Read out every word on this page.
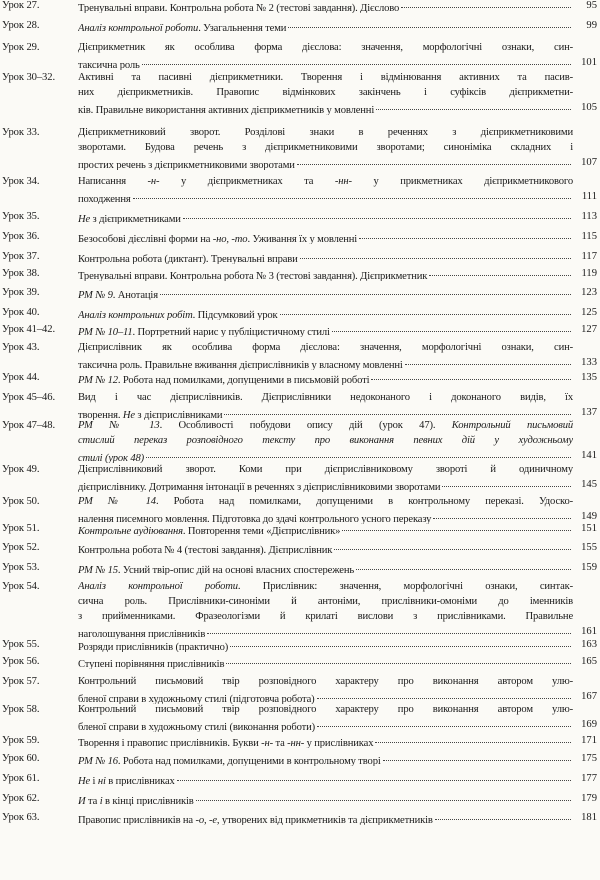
Урок 27.	Тренувальні вправи. Контрольна робота № 2 (тестові завдання). Дієслово	95
Урок 28.	Аналіз контрольної роботи. Узагальнення теми	99
Урок 29.	Дієприкметник як особлива форма дієслова: значення, морфологічні ознаки, син-
таксична роль	101
Урок 30–32. Активні та пасивні дієприкметники. Творення і відмінювання активних та пасив-
них дієприкметників. Правопис відмінкових закінчень і суфіксів дієприкметни-
ків. Правильне використання активних дієприкметників у мовленні	105
Урок 33.	Дієприкметниковий зворот. Розділові знаки в реченнях з дієприкметниковими
зворотами. Будова речень з дієприкметниковими зворотами; синоніміка складних і
простих речень з дієприкметниковими зворотами	107
Урок 34.	Написання -н- у дієприкметниках та -нн- у прикметниках дієприкметникового
походження	111
Урок 35.	Не з дієприкметниками	113
Урок 36.	Безособові дієслівні форми на -но, -то. Уживання їх у мовленні	115
Урок 37.	Контрольна робота (диктант). Тренувальні вправи	117
Урок 38.	Тренувальні вправи. Контрольна робота № 3 (тестові завдання). Дієприкметник	119
Урок 39.	РМ № 9. Анотація	123
Урок 40.	Аналіз контрольних робіт. Підсумковий урок	125
Урок 41–42. РМ № 10–11. Портретний нарис у публіцистичному стилі	127
Урок 43.	Дієприслівник як особлива форма дієслова: значення, морфологічні ознаки, син-
таксична роль. Правильне вживання дієприслівників у власному мовленні	133
Урок 44.	РМ № 12. Робота над помилками, допущеними в письмовій роботі	135
Урок 45–46. Вид і час дієприслівників. Дієприслівники недоконаного і доконаного видів, їх
творення. Не з дієприслівниками	137
Урок 47–48. РМ № 13. Особливості побудови опису дій (урок 47). Контрольний письмовий
стислий переказ розповідного тексту про виконання певних дій у художньому
стилі (урок 48)	141
Урок 49.	Дієприслівниковий зворот. Коми при дієприслівниковому звороті й одиничному
дієприслівнику. Дотримання інтонації в реченнях з дієприслівниковими зворотами	145
Урок 50.	РМ № 14. Робота над помилками, допущеними в контрольному переказі. Удоско-
налення писемного мовлення. Підготовка до здачі контрольного усного переказу	149
Урок 51.	Контрольне аудіювання. Повторення теми «Дієприслівник»	151
Урок 52.	Контрольна робота № 4 (тестові завдання). Дієприслівник	155
Урок 53.	РМ № 15. Усний твір-опис дій на основі власних спостережень	159
Урок 54.	Аналіз контрольної роботи. Прислівник: значення, морфологічні ознаки, синтак-
сична роль. Прислівники-синоніми й антоніми, прислівники-омоніми до іменників
з прийменниками. Фразеологізми й крилаті вислови з прислівниками. Правильне
наголошування прислівників	161
Урок 55.	Розряди прислівників (практично)	163
Урок 56.	Ступені порівняння прислівників	165
Урок 57.	Контрольний письмовий твір розповідного характеру про виконання автором улю-
бленої справи в художньому стилі (підготовча робота)	167
Урок 58.	Контрольний письмовий твір розповідного характеру про виконання автором улю-
бленої справи в художньому стилі (виконання роботи)	169
Урок 59.	Творення і правопис прислівників. Букви -н- та -нн- у прислівниках	171
Урок 60.	РМ № 16. Робота над помилками, допущеними в контрольному творі	175
Урок 61.	Не і ні в прислівниках	177
Урок 62.	И та і в кінці прислівників	179
Урок 63.	Правопис прислівників на -о, -е, утворених від прикметників та дієприкметників	181
